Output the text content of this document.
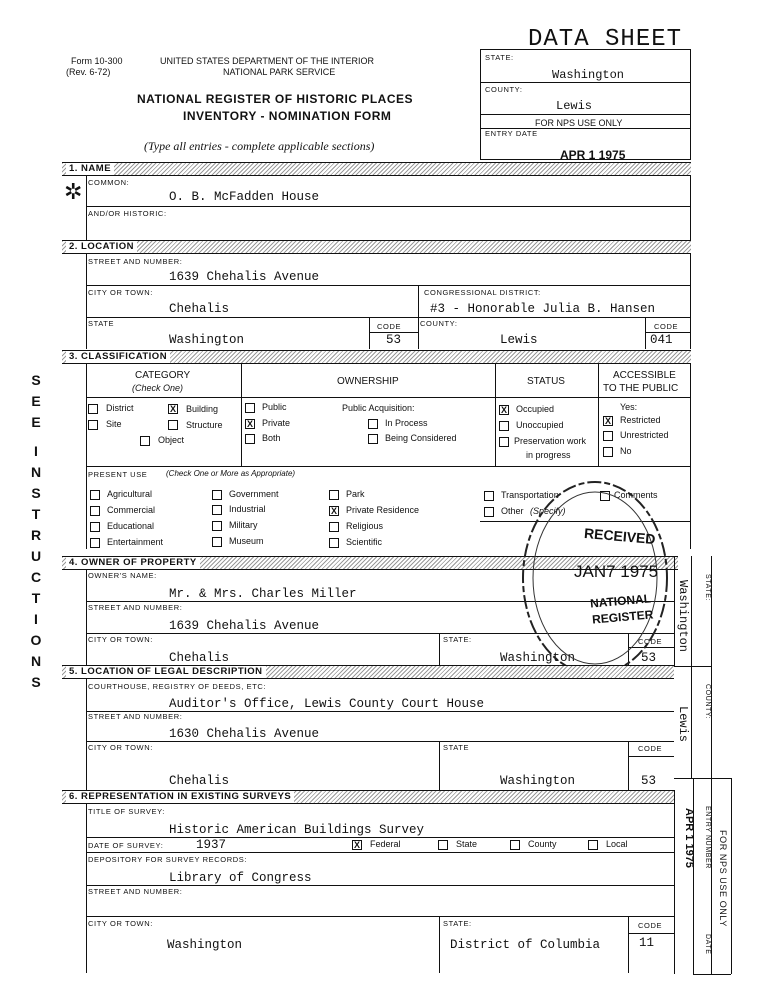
Form 10-300
(Rev. 6-72)
UNITED STATES DEPARTMENT OF THE INTERIOR
NATIONAL PARK SERVICE
NATIONAL REGISTER OF HISTORIC PLACES
INVENTORY - NOMINATION FORM
(Type all entries - complete applicable sections)
DATA SHEET
STATE:
Washington
COUNTY:
Lewis
FOR NPS USE ONLY
ENTRY DATE
APR 1 1975
S
E
E
I
N
S
T
R
U
C
T
I
O
N
S
✲
1. NAME
COMMON:
O. B. McFadden House
AND/OR HISTORIC:
2. LOCATION
STREET AND NUMBER:
1639 Chehalis Avenue
CITY OR TOWN:
Chehalis
CONGRESSIONAL DISTRICT:
#3 - Honorable Julia B. Hansen
STATE
Washington
CODE
53
COUNTY:
Lewis
CODE
041
3. CLASSIFICATION
CATEGORY
(Check One)
OWNERSHIP	STATUS
ACCESSIBLE
TO THE PUBLIC
District	X Building
Site	Structure
Object
Public
X Private
Both
Public Acquisition:
In Process
Being Considered
X Occupied
Unoccupied
Preservation work
in progress
Yes:
X Restricted
Unrestricted
No
PRESENT USE (Check One or More as Appropriate)
Agricultural
Commercial
Educational
Entertainment
Government
Industrial
Military
Museum
Park
X Private Residence
Religious
Scientific
Transportation
Other (Specify)
Comments
4. OWNER OF PROPERTY
OWNER'S NAME:
Mr. & Mrs. Charles Miller
STREET AND NUMBER:
1639 Chehalis Avenue
CITY OR TOWN:
Chehalis
STATE:
Washington
CODE
53
STATE:
Washington
COUNTY:
Lewis
RECEIVED
JAN7 1975
NATIONAL
REGISTER
5. LOCATION OF LEGAL DESCRIPTION
COURTHOUSE, REGISTRY OF DEEDS, ETC:
Auditor's Office, Lewis County Court House
STREET AND NUMBER:
1630 Chehalis Avenue
CITY OR TOWN:
Chehalis
STATE
Washington
CODE
53
6. REPRESENTATION IN EXISTING SURVEYS
TITLE OF SURVEY:
Historic American Buildings Survey
DATE OF SURVEY:	1937	X Federal	State	County	Local
DEPOSITORY FOR SURVEY RECORDS:
Library of Congress
STREET AND NUMBER:
CITY OR TOWN:
Washington
STATE:
District of Columbia
CODE
11
ENTRY NUMBER
DATE
APR 1 1975	FOR NPS USE ONLY
